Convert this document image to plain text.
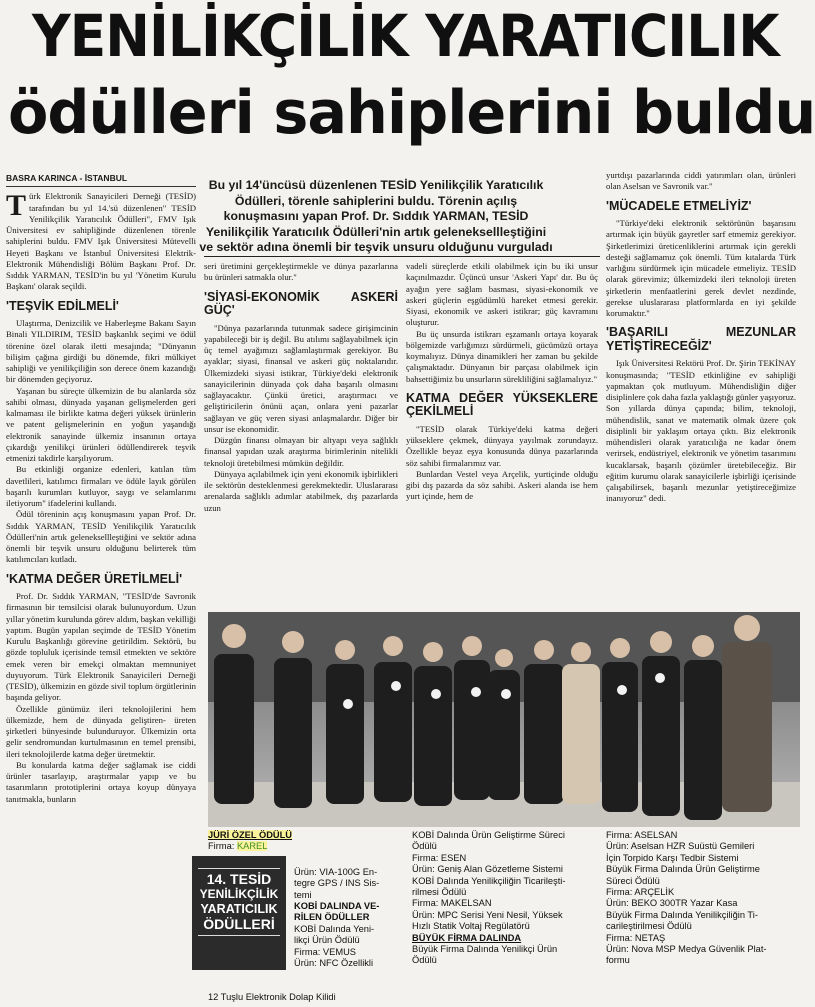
YENİLİKÇİLİK YARATICILIK
ödülleri sahiplerini buldu
BASRA KARINCA - İSTANBUL

Türk Elektronik Sanayicileri Derneği (TESİD) tarafından bu yıl 14.'sü düzenlenen" TESİD Yenilikçilik Yaratıcılık Ödülleri", FMV Işık Üniversitesi ev sahipliğinde düzenlenen törenle sahiplerini buldu. FMV Işık Üniversitesi Mütevelli Heyeti Başkanı ve İstanbul Üniversitesi Elektrik-Elektronik Mühendisliği Bölüm Başkanı Prof. Dr. Sıddık YARMAN, TESİD'in bu yıl 'Yönetim Kurulu Başkanı' olarak seçildi.

'TEŞVİK EDİLMELİ'

Ulaştırma, Denizcilik ve Haberleşme Bakanı Sayın Binali YILDIRIM, TESİD başkanlık seçimi ve ödül törenine özel olarak iletti mesajında; "Dünyanın bilişim çağına girdiği bu dönemde, fikri mülkiyet sahipliği ve yenilikçiliğin son derece önem kazandığı bir dönemden geçiyoruz.

Yaşanan bu süreçte ülkemizin de bu alanlarda söz sahibi olması, dünyada yaşanan gelişmelerden geri kalmaması ile birlikte katma değeri yüksek ürünlerin ve patent gelişmelerinin en yoğun yaşandığı elektronik sanayinde ülkemiz insanının ortaya çıkardığı yenilikçi ürünleri ödüllendirerek teşvik etmenizi takdirle karşılıyorum.

Bu etkinliği organize edenleri, katılan tüm davetlileri, katılımcı firmaları ve ödüle layık görülen başarılı kurumları kutluyor, saygı ve selamlarımı iletiyorum" ifadelerini kullandı.

Ödül töreninin açış konuşmasını yapan Prof. Dr. Sıddık YARMAN, TESİD Yenilikçilik Yaratıcılık Ödülleri'nin artık geleneksellleştiğini ve sektör adına önemli bir teşvik unsuru olduğunu belirterek tüm katılımcıları kutladı.

'KATMA DEĞER ÜRETİLMELİ'

Prof. Dr. Sıddık YARMAN, "TESİD'de Savronik firmasının bir temsilcisi olarak bulunuyordum. Uzun yıllar yönetim kurulunda görev aldım, başkan vekilliği yaptım. Bugün yapılan seçimde de TESİD Yönetim Kurulu Başkanlığı görevine getirildim. Sektörü, bu gözde topluluk içerisinde temsil etmekten ve sektöre emek veren bir emekçi olmaktan memnuniyet duyuyorum. Türk Elektronik Sanayicileri Derneği (TESİD), ülkemizin en gözde sivil toplum örgütlerinin başında geliyor.

Özellikle günümüz ileri teknolojilerini hem ülkemizde, hem de dünyada geliştiren- üreten şirketleri bünyesinde bulunduruyor. Ülkemizin orta gelir sendromundan kurtulmasının en temel prensibi, ileri teknolojilerde katma değer üretmektir.

Bu konularda katma değer sağlamak ise ciddi ürünler tasarlayıp, araştırmalar yapıp ve bu tasarımların prototiplerini ortaya koyup dünyaya tanıtmakla, bunların

Bu yıl 14'üncüsü düzenlenen TESİD Yenilikçilik Yaratıcılık Ödülleri, törenle sahiplerini buldu. Törenin açılış konuşmasını yapan Prof. Dr. Sıddık YARMAN, TESİD Yenilikçilik Yaratıcılık Ödülleri'nin artık geleneksellleştiğini ve sektör adına önemli bir teşvik unsuru olduğunu vurguladı

seri üretimini gerçekleştirmekle ve dünya pazarlarına bu ürünleri satmakla olur."

'SİYASİ-EKONOMİK ASKERİ GÜÇ'

"Dünya pazarlarında tutunmak sadece girişimcinin yapabileceği bir iş değil. Bu atılımı sağlayabilmek için üç temel ayağımızı sağlamlaştırmak gerekiyor. Bu ayaklar; siyasi, finansal ve askeri güç noktalarıdır. Ülkemizdeki siyasi istikrar, Türkiye'deki elektronik sanayicilerinin dünyada çok daha başarılı olmasını sağlayacaktır. Çünkü üretici, araştırmacı ve geliştiricilerin önünü açan, onlara yeni pazarlar sağlayan ve güç veren siyasi anlaşmalardır. Diğer bir unsur ise ekonomidir.

Düzgün finansı olmayan bir altyapı veya sağlıklı finansal yapıdan uzak araştırma birimlerinin nitelikli teknoloji üretebilmesi mümkün değildir.

Dünyaya açılabilmek için yeni ekonomik işbirlikleri ile sektörün desteklenmesi gerekmektedir. Uluslararası arenalarda sağlıklı adımlar atabilmek, dış pazarlarda uzun

vadeli süreçlerde etkili olabilmek için bu iki unsur kaçınılmazdır. Üçüncü unsur 'Askeri Yapı' dır. Bu üç ayağın yere sağlam basması, siyasi-ekonomik ve askeri güçlerin eşgüdümlü hareket etmesi gerekir. Siyasi, ekonomik ve askeri istikrar; güç kavramını oluşturur.

Bu üç unsurda istikrarı eşzamanlı ortaya koyarak bölgemizde varlığımızı sürdürmeli, gücümüzü ortaya koymalıyız. Dünya dinamikleri her zaman bu şekilde çalışmaktadır. Dünyanın bir parçası olabilmek için bahsettiğimiz bu unsurların sürekliliğini sağlamalıyız."

KATMA DEĞER YÜKSEKLERE ÇEKİLMELİ

"TESİD olarak Türkiye'deki katma değeri yükseklere çekmek, dünyaya yayılmak zorundayız. Özellikle beyaz eşya konusunda dünya pazarlarında söz sahibi firmalarımız var.

Bunlardan Vestel veya Arçelik, yurtiçinde olduğu gibi dış pazarda da söz sahibi. Askeri alanda ise hem yurt içinde, hem de

yurtdışı pazarlarında ciddi yatırımları olan, ürünleri olan Aselsan ve Savronik var."

'MÜCADELE ETMELİYİZ'

"Türkiye'deki elektronik sektörünün başarısını artırmak için büyük gayretler sarf etmemiz gerekiyor. Şirketlerimizi üreticenliklerini artırmak için gerekli desteği sağlamamız çok önemli. Tüm kıtalarda Türk varlığını sürdürmek için mücadele etmeliyiz. TESİD olarak görevimiz; ülkemizdeki ileri teknoloji üreten şirketlerin menfaatlerini gerek devlet nezdinde, gerekse uluslararası platformlarda en iyi şekilde korumaktır."

'BAŞARILI MEZUNLAR YETİŞTİRECEĞİZ'

Işık Üniversitesi Rektörü Prof. Dr. Şirin TEKİNAY konuşmasında; "TESİD etkinliğine ev sahipliği yapmaktan çok mutluyum. Mühendisliğin diğer disiplinlere çok daha fazla yaklaştığı günler yaşıyoruz. Son yıllarda dünya çapında; bilim, teknoloji, mühendislik, sanat ve matematik olmak üzere çok disiplinli bir yaklaşım ortaya çıktı. Biz elektronik mühendisleri olarak yaratıcılığa ne kadar önem verirsek, endüstriyel, elektronik ve yönetim tasarımını kucaklarsak, başarılı çözümler üretebileceğiz. Bir eğitim kurumu olarak sanayicilerle işbirliği içerisinde çalışabilirsek, başarılı mezunlar yetiştireceğimize inanıyoruz" dedi.

JÜRİ ÖZEL ÖDÜLÜ
Firma: KAREL
Ürün: VIA-100G En-
tegre GPS / INS Sis-
temi
KOBİ DALINDA VE-
RİLEN ÖDÜLLER
KOBİ Dalında Yeni-
likçi Ürün Ödülü
Firma: VEMUS
Ürün: NFC Özellikli
12 Tuşlu Elektronik Dolap Kilidi
KOBİ Dalında Ürün Geliştirme Süreci
Ödülü
Firma: ESEN
Ürün: Geniş Alan Gözetleme Sistemi
KOBİ Dalında Yenilikçiliğin Ticarileşti-
rilmesi Ödülü
Firma: MAKELSAN
Ürün: MPC Serisi Yeni Nesil, Yüksek
Hızlı Statik Voltaj Regülatörü
BÜYÜK FİRMA DALINDA
Büyük Firma Dalında Yenilikçi Ürün
Ödülü
Firma: ASELSAN
Ürün: Aselsan HZR Suüstü Gemileri
İçin Torpido Karşı Tedbir Sistemi
Büyük Firma Dalında Ürün Geliştirme
Süreci Ödülü
Firma: ARÇELİK
Ürün: BEKO 300TR Yazar Kasa
Büyük Firma Dalında Yenilikçiliğin Ti-
carileştirilmesi Ödülü
Firma: NETAŞ
Ürün: Nova MSP Medya Güvenlik Plat-
formu
14. TESİD
YENİLİKÇİLİK
YARATICILIK
ÖDÜLLERİ
